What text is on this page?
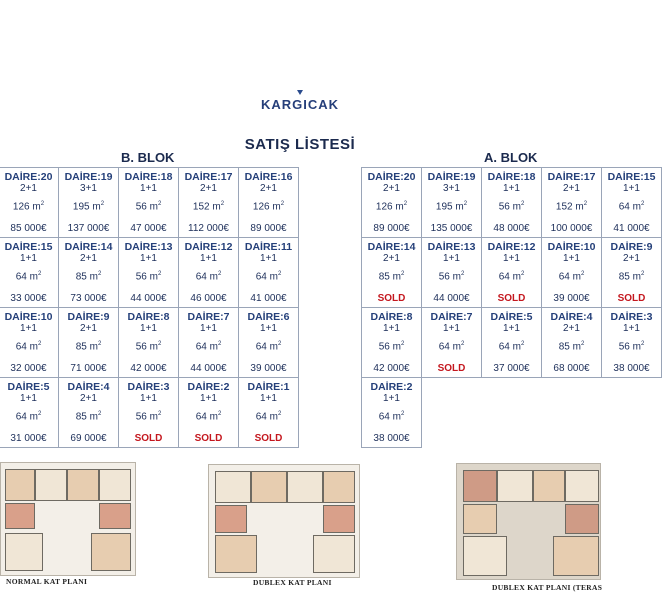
KARGICAK
SATIŞ LİSTESİ
B. BLOK	A. BLOK
DAİRE:20
2+1
126 $m^2$
85 000€
DAİRE:19
3+1
195 $m^2$
137 000€
DAİRE:18
1+1
56 $m^2$
47 000€
DAİRE:17
2+1
152 $m^2$
112 000€
DAİRE:16
2+1
126 $m^2$
89 000€
DAİRE:15
1+1
64 $m^2$
33 000€
DAİRE:14
2+1
85 $m^2$
73 000€
DAİRE:13
1+1
56 $m^2$
44 000€
DAİRE:12
1+1
64 $m^2$
46 000€
DAİRE:11
1+1
64 $m^2$
41 000€
DAİRE:10
1+1
64 $m^2$
32 000€
DAİRE:9
2+1
85 $m^2$
71 000€
DAİRE:8
1+1
56 $m^2$
42 000€
DAİRE:7
1+1
64 $m^2$
44 000€
DAİRE:6
1+1
64 $m^2$
39 000€
DAİRE:5
1+1
64 $m^2$
31 000€
DAİRE:4
2+1
85 $m^2$
69 000€
DAİRE:3
1+1
56 $m^2$
SOLD
DAİRE:2
1+1
64 $m^2$
SOLD
DAİRE:1
1+1
64 $m^2$
SOLD
DAİRE:20
2+1
126 $m^2$
89 000€
DAİRE:19
3+1
195 $m^2$
135 000€
DAİRE:18
1+1
56 $m^2$
48 000€
DAİRE:17
2+1
152 $m^2$
100 000€
DAİRE:15
1+1
64 $m^2$
41 000€
DAİRE:14
2+1
85 $m^2$
SOLD
DAİRE:13
1+1
56 $m^2$
44 000€
DAİRE:12
1+1
64 $m^2$
SOLD
DAİRE:10
1+1
64 $m^2$
39 000€
DAİRE:9
2+1
85 $m^2$
SOLD
DAİRE:8
1+1
56 $m^2$
42 000€
DAİRE:7
1+1
64 $m^2$
SOLD
DAİRE:5
1+1
64 $m^2$
37 000€
DAİRE:4
2+1
85 $m^2$
68 000€
DAİRE:3
1+1
56 $m^2$
38 000€
DAİRE:2
1+1
64 $m^2$
38 000€
NORMAL KAT PLANI	DUBLEX KAT PLANI
DUBLEX KAT PLANI (TERAS
